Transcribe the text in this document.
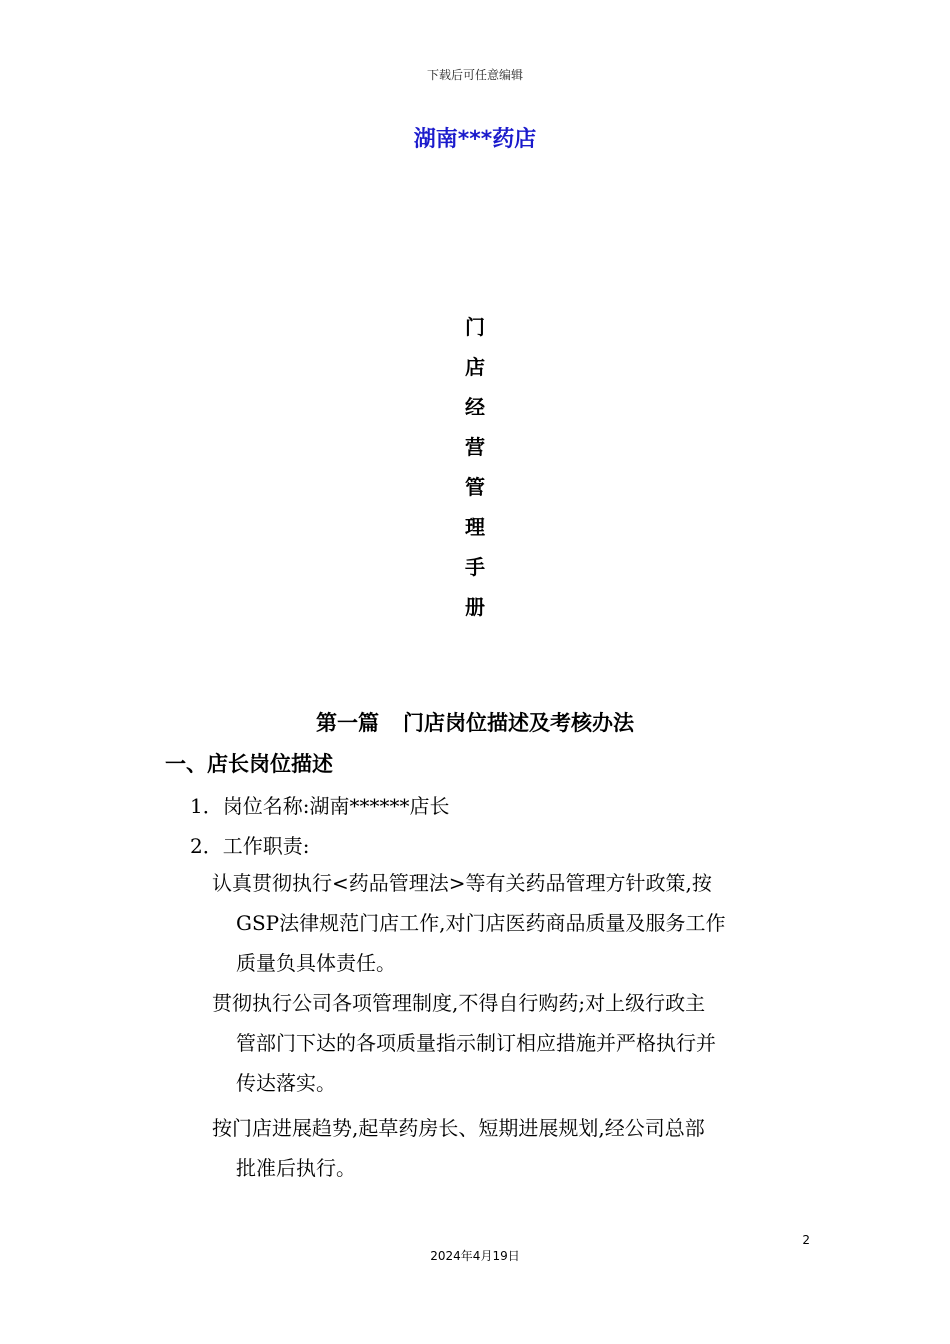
下载后可任意编辑
湖南***药店
门
店
经
营
管
理
手
册
第一篇 门店岗位描述及考核办法
一、店长岗位描述
1．岗位名称:湖南******店长
2．工作职责:
认真贯彻执行<药品管理法>等有关药品管理方针政策,按
GSP法律规范门店工作,对门店医药商品质量及服务工作
质量负具体责任。
贯彻执行公司各项管理制度,不得自行购药;对上级行政主
管部门下达的各项质量指示制订相应措施并严格执行并
传达落实。
按门店进展趋势,起草药房长、短期进展规划,经公司总部
批准后执行。
2
2024年4月19日
